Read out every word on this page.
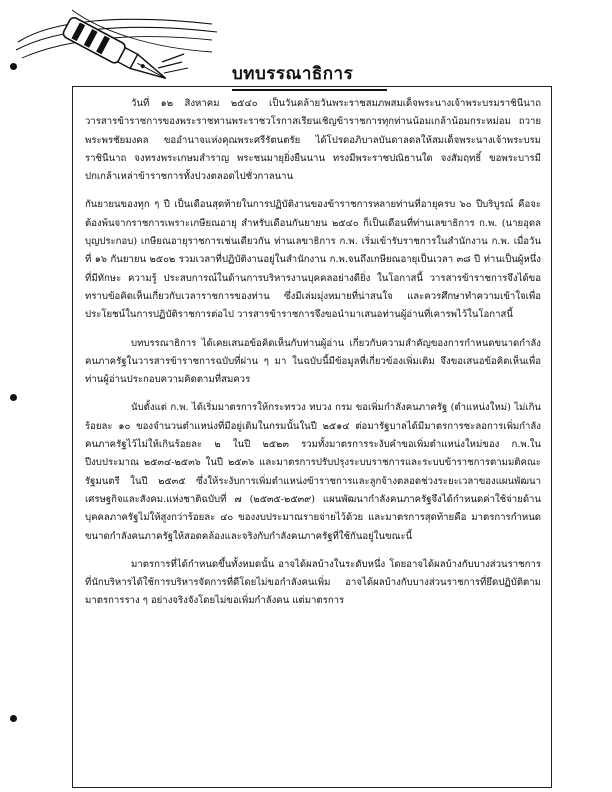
บทบรรณาธิการ

วันที่ ๑๒ สิงหาคม ๒๕๔๐ เป็นวันคล้ายวันพระราชสมภพสมเด็จพระนางเจ้าพระบรมราชินีนาถ วารสารข้าราชการของพระราชทานพระราชวโรกาสเรียนเชิญข้าราชการทุกท่านน้อมเกล้าน้อมกระหม่อม ถวายพระพรชัยมงคล ขออำนาจแห่งคุณพระศรีรัตนตรัย ได้โปรดอภิบาลบันดาลดลให้สมเด็จพระนางเจ้าพระบรมราชินีนาถ จงทรงพระเกษมสำราญ พระชนมายุยิ่งยืนนาน ทรงมีพระราชปณิธานใด จงสัมฤทธิ์ ขอพระบารมีปกเกล้าเหล่าข้าราชการทั้งปวงตลอดไปชั่วกาลนาน

กันยายนของทุก ๆ ปี เป็นเดือนสุดท้ายในการปฏิบัติงานของข้าราชการหลายท่านที่อายุครบ ๖๐ ปีบริบูรณ์ คือจะต้องพ้นจากราชการเพราะเกษียณอายุ สำหรับเดือนกันยายน ๒๕๔๐ ก็เป็นเดือนที่ท่านเลขาธิการ ก.พ. (นายอุดล บุญประกอบ) เกษียณอายุราชการเช่นเดียวกัน ท่านเลขาธิการ ก.พ. เริ่มเข้ารับราชการในสำนักงาน ก.พ. เมื่อวันที่ ๑๖ กันยายน ๒๕๐๒ รวมเวลาที่ปฏิบัติงานอยู่ในสำนักงาน ก.พ.จนถึงเกษียณอายุเป็นเวลา ๓๘ ปี ท่านเป็นผู้หนึ่งที่มีทักษะ ความรู้ ประสบการณ์ในด้านการบริหารงานบุคคลอย่างดียิ่ง ในโอกาสนี้ วารสารข้าราชการจึงได้ขอทราบข้อคิดเห็นเกี่ยวกับเวลาราชการของท่าน ซึ่งมีเล่มมุ่งหมายที่น่าสนใจ และควรศึกษาทำความเข้าใจเพื่อประโยชน์ในการปฏิบัติราชการต่อไป วารสารข้าราชการจึงขอนำมาเสนอท่านผู้อ่านที่เคารพไว้ในโอกาสนี้

บทบรรณาธิการ ได้เคยเสนอข้อคิดเห็นกับท่านผู้อ่าน เกี่ยวกับความสำคัญของการกำหนดขนาดกำลังคนภาครัฐในวารสารข้าราชการฉบับที่ผ่าน ๆ มา ในฉบับนี้มีข้อมูลที่เกี่ยวข้องเพิ่มเติม จึงขอเสนอข้อคิดเห็นเพื่อท่านผู้อ่านประกอบความคิดตามที่สมควร

นับตั้งแต่ ก.พ. ได้เริ่มมาตรการให้กระทรวง ทบวง กรม ขอเพิ่มกำลังคนภาครัฐ (ตำแหน่งใหม่) ไม่เกินร้อยละ ๑๐ ของจำนวนตำแหน่งที่มีอยู่เดิมในกรมนั้นในปี ๒๕๑๔ ต่อมารัฐบาลได้มีมาตรการชะลอการเพิ่มกำลังคนภาครัฐไว้ไม่ให้เกินร้อยละ ๒ ในปี ๒๕๒๓ รวมทั้งมาตรการระงับคำขอเพิ่มตำแหน่งใหม่ของ ก.พ.ในปีงบประมาณ ๒๕๓๔-๒๕๓๖ ในปี ๒๕๓๖ และมาตรการปรับปรุงระบบราชการและระบบข้าราชการตามมติคณะรัฐมนตรี ในปี ๒๕๓๕ ซึ่งให้ระงับการเพิ่มตำแหน่งข้าราชการและลูกจ้างตลอดช่วงระยะเวลาของแผนพัฒนาเศรษฐกิจและสังคม.แห่งชาติฉบับที่ ๗ (๒๕๓๕-๒๕๓๙) แผนพัฒนากำลังคนภาครัฐจึงได้กำหนดค่าใช้จ่ายด้านบุคคลภาครัฐไม่ให้สูงกว่าร้อยละ ๔๐ ของงบประมาณรายจ่ายไว้ด้วย และมาตรการสุดท้ายคือ มาตรการกำหนดขนาดกำลังคนภาครัฐให้สอดคล้องและจริงกับกำลังคนภาครัฐที่ใช้กันอยู่ในขณะนี้

มาตรการที่ได้กำหนดขึ้นทั้งหมดนั้น อาจได้ผลบ้างในระดับหนึ่ง โดยอาจได้ผลบ้างกับบางส่วนราชการที่นักบริหารได้ใช้การบริหารจัดการที่ดีโดยไม่ขอกำลังคนเพิ่ม อาจได้ผลบ้างกับบางส่วนราชการที่ยึดปฏิบัติตามมาตรการราง ๆ อย่างจริงจังโดยไม่ขอเพิ่มกำลังคน แต่มาตรการ
